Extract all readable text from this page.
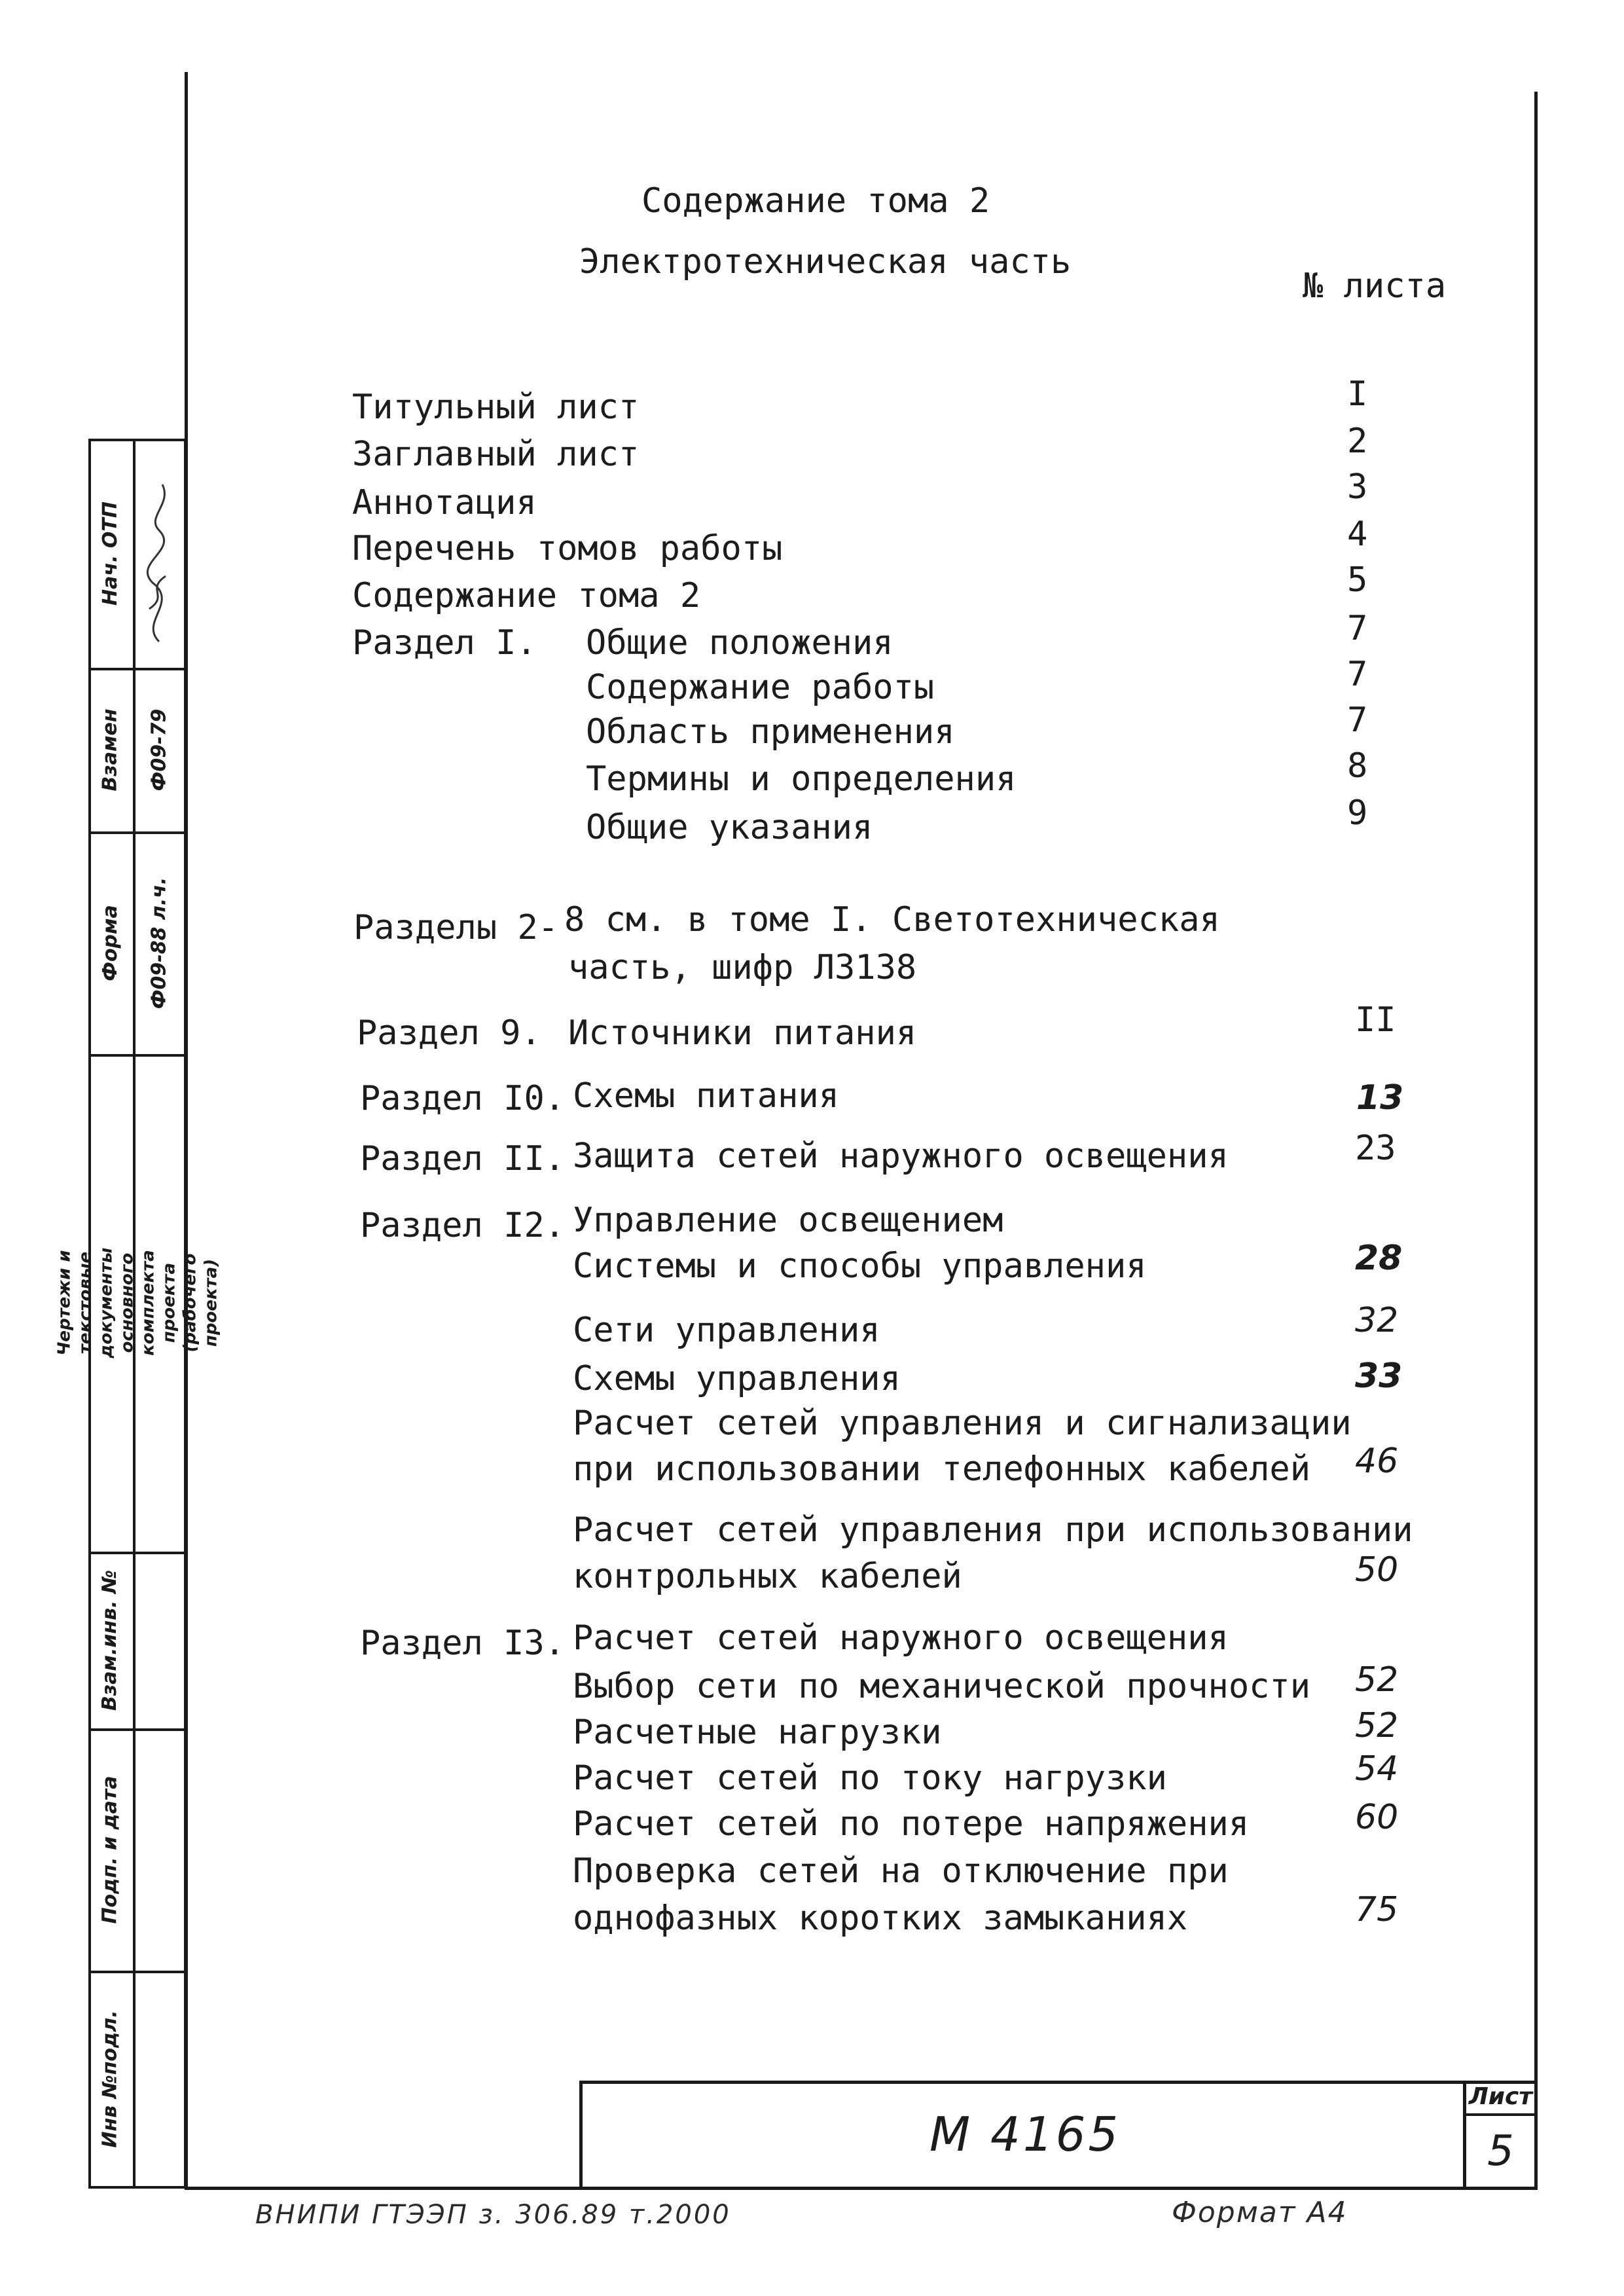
Инв №подл.
Подп. и дата
Взам.инв. №
Чертежи и текстовые документы основного комплекта проекта (рабочего проекта)
Форма
Взамен
Нач. ОТП
Ф09-88 л.ч.
Ф09-79
Содержание тома 2
Электротехническая часть
№ листа
Титульный лист	I
Заглавный лист	2
Аннотация	3
Перечень томов работы	4
Содержание тома 2	5
Раздел I. Общие положения	7
Содержание работы	7
Область применения	7
Термины и определения	8
Общие указания	9
Разделы 2- 8 см. в томе I. Светотехническая
часть, шифр Л3138
Раздел 9. Источники питания	II
Раздел I0. Схемы питания	13
Раздел II. Защита сетей наружного освещения	23
Раздел I2. Управление освещением
Системы и способы управления	28
Сети управления	32
Схемы управления	33
Расчет сетей управления и сигнализации
при использовании телефонных кабелей 46
Расчет сетей управления при использовании
контрольных кабелей	50
Раздел I3. Расчет сетей наружного освещения
Выбор сети по механической прочности 52
Расчетные нагрузки	52
Расчет сетей по току нагрузки	54
Расчет сетей по потере напряжения	60
Проверка сетей на отключение при
однофазных коротких замыканиях	75
Лист
5
М 4165
ВНИПИ ГТЭЭП з. 306.89 т.2000	Формат А4
